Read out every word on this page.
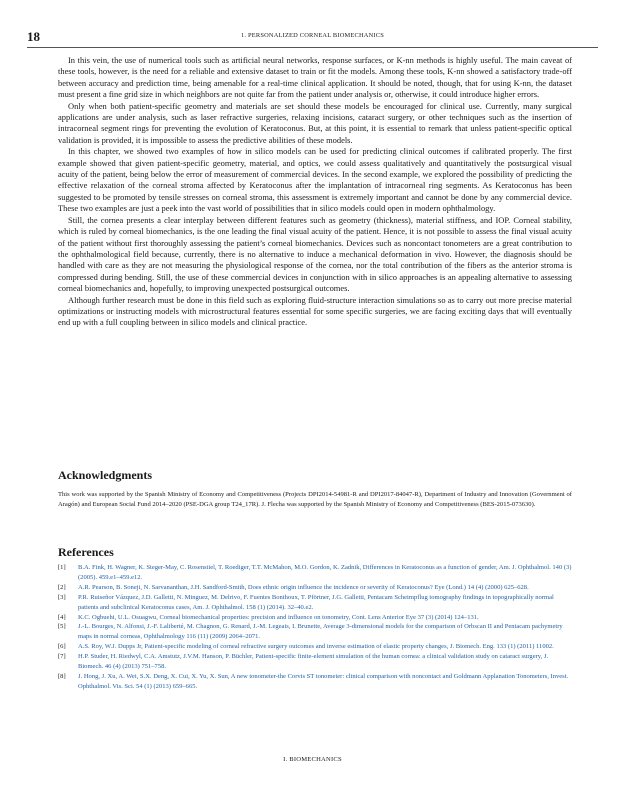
18	1. PERSONALIZED CORNEAL BIOMECHANICS

In this vein, the use of numerical tools such as artificial neural networks, response surfaces, or K-nn methods is highly useful. The main caveat of these tools, however, is the need for a reliable and extensive dataset to train or fit the models. Among these tools, K-nn showed a satisfactory trade-off between accuracy and prediction time, being amenable for a real-time clinical application. It should be noted, though, that for using K-nn, the dataset must present a fine grid size in which neighbors are not quite far from the patient under analysis or, otherwise, it could introduce higher errors.

Only when both patient-specific geometry and materials are set should these models be encouraged for clinical use. Currently, many surgical applications are under analysis, such as laser refractive surgeries, relaxing incisions, cataract surgery, or other techniques such as the insertion of intracorneal segment rings for preventing the evolution of Keratoconus. But, at this point, it is essential to remark that unless patient-specific optical validation is provided, it is impossible to assess the predictive abilities of these models.

In this chapter, we showed two examples of how in silico models can be used for predicting clinical outcomes if calibrated properly. The first example showed that given patient-specific geometry, material, and optics, we could assess qualitatively and quantitatively the postsurgical visual acuity of the patient, being below the error of measurement of commercial devices. In the second example, we explored the possibility of predicting the effective relaxation of the corneal stroma affected by Keratoconus after the implantation of intracorneal ring segments. As Keratoconus has been suggested to be promoted by tensile stresses on corneal stroma, this assessment is extremely important and cannot be done by any commercial device. These two examples are just a peek into the vast world of possibilities that in silico models could open in modern ophthalmology.

Still, the cornea presents a clear interplay between different features such as geometry (thickness), material stiffness, and IOP. Corneal stability, which is ruled by corneal biomechanics, is the one leading the final visual acuity of the patient. Hence, it is not possible to assess the final visual acuity of the patient without first thoroughly assessing the patient’s corneal biomechanics. Devices such as noncontact tonometers are a great contribution to the ophthalmological field because, currently, there is no alternative to induce a mechanical deformation in vivo. However, the diagnosis should be handled with care as they are not measuring the physiological response of the cornea, nor the total contribution of the fibers as the anterior stroma is compressed during bending. Still, the use of these commercial devices in conjunction with in silico approaches is an appealing alternative to assessing corneal biomechanics and, hopefully, to improving unexpected postsurgical outcomes.

Although further research must be done in this field such as exploring fluid-structure interaction simulations so as to carry out more precise material optimizations or instructing models with microstructural features essential for some specific surgeries, we are facing exciting days that will eventually end up with a full coupling between in silico models and clinical practice.

Acknowledgments

This work was supported by the Spanish Ministry of Economy and Competitiveness (Projects DPI2014-54981-R and DPI2017-84047-R), Department of Industry and Innovation (Government of Aragón) and European Social Fund 2014–2020 (PSE-DGA group T24_17R). J. Flecha was supported by the Spanish Ministry of Economy and Competitiveness (BES-2015-073630).

References
[1] B.A. Fink, H. Wagner, K. Steger-May, C. Rosenstiel, T. Roediger, T.T. McMahon, M.O. Gordon, K. Zadnik, Differences in Keratoconus as a function of gender, Am. J. Ophthalmol. 140 (3) (2005). 459.e1–459.e12.
[2] A.R. Pearson, B. Soneji, N. Sarvananthan, J.H. Sandford-Smith, Does ethnic origin influence the incidence or severity of Keratoconus? Eye (Lond.) 14 (4) (2000) 625–628.
[3] P.R. Ruiseñor Vázquez, J.D. Galletti, N. Minguez, M. Delrivo, F. Fuentes Bonthoux, T. Pförtner, J.G. Galletti, Pentacam Scheimpflug tomography findings in topographically normal patients and subclinical Keratoconus cases, Am. J. Ophthalmol. 158 (1) (2014). 32–40.e2.
[4] K.C. Ogbuehi, U.L. Osuagwu, Corneal biomechanical properties: precision and influence on tonometry, Cont. Lens Anterior Eye 37 (3) (2014) 124–131.
[5] J.-L. Bourges, N. Alfonsi, J.-F. Laliberté, M. Chagnon, G. Renard, J.-M. Legeais, I. Brunette, Average 3-dimensional models for the comparison of Orbscan II and Pentacam pachymetry maps in normal corneas, Ophthalmology 116 (11) (2009) 2064–2071.
[6] A.S. Roy, W.J. Dupps Jr, Patient-specific modeling of corneal refractive surgery outcomes and inverse estimation of elastic property changes, J. Biomech. Eng. 133 (1) (2011) 11002.
[7] H.P. Studer, H. Riedwyl, C.A. Amstutz, J.V.M. Hanson, P. Büchler, Patient-specific finite-element simulation of the human cornea: a clinical validation study on cataract surgery, J. Biomech. 46 (4) (2013) 751–758.
[8] J. Hong, J. Xu, A. Wei, S.X. Deng, X. Cui, X. Yu, X. Sun, A new tonometer-the Corvis ST tonometer: clinical comparison with noncontact and Goldmann Applanation Tonometers, Invest. Ophthalmol. Vis. Sci. 54 (1) (2013) 659–665.
I. BIOMECHANICS
